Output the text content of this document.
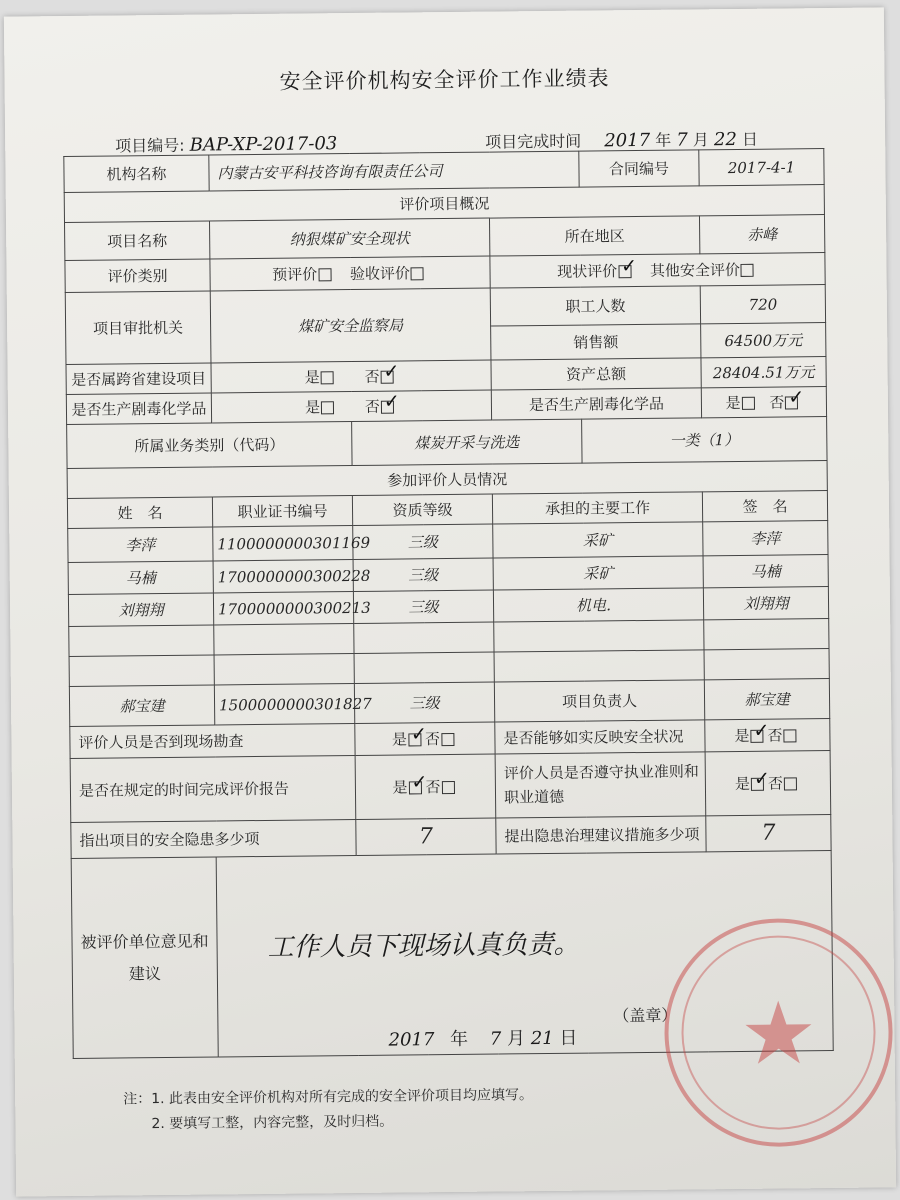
安全评价机构安全评价工作业绩表
项目编号: BAP-XP-2017-03	项目完成时间 2017 年 7 月 22 日
机构名称	内蒙古安平科技咨询有限责任公司			合同编号	2017-4-1
评价项目概况					
项目名称	纳狠煤矿安全现状		所在地区		赤峰
评价类别	预评价 验收评价		现状评价 ✓ 其他安全评价
项目审批机关	煤矿安全监察局		职工人数		720
			销售额		64500万元
是否属跨省建设项目	是 否✓		资产总额		28404.51万元
是否生产剧毒化学品	是 否✓		是否生产剧毒化学品		是 否✓
所属业务类别（代码）		煤炭开采与洗选		一类（1）	
参加评价人员情况					
姓　名	职业证书编号	资质等级	承担的主要工作		签　名
李萍	1100000000301169	三级	采矿		李萍
马楠	1700000000300228	三级	采矿		马楠
刘翔翔	1700000000300213	三级	机电．		刘翔翔

郝宝建	1500000000301827	三级	项目负责人		郝宝建
评价人员是否到现场勘查		是 ✓ 否	是否能够如实反映安全状况		是 ✓ 否
是否在规定的时间完成评价报告		是 ✓ 否	评价人员是否遵守执业准则和职业道德		是 ✓ 否
指出项目的安全隐患多少项		7	提出隐患治理建议措施多少项		7
被评价单位意见和建议	工作人员下现场认真负责。
（盖章）
2017 年 7 月 21 日				
注：1. 此表由安全评价机构对所有完成的安全评价项目均应填写。
2. 要填写工整，内容完整，及时归档。
